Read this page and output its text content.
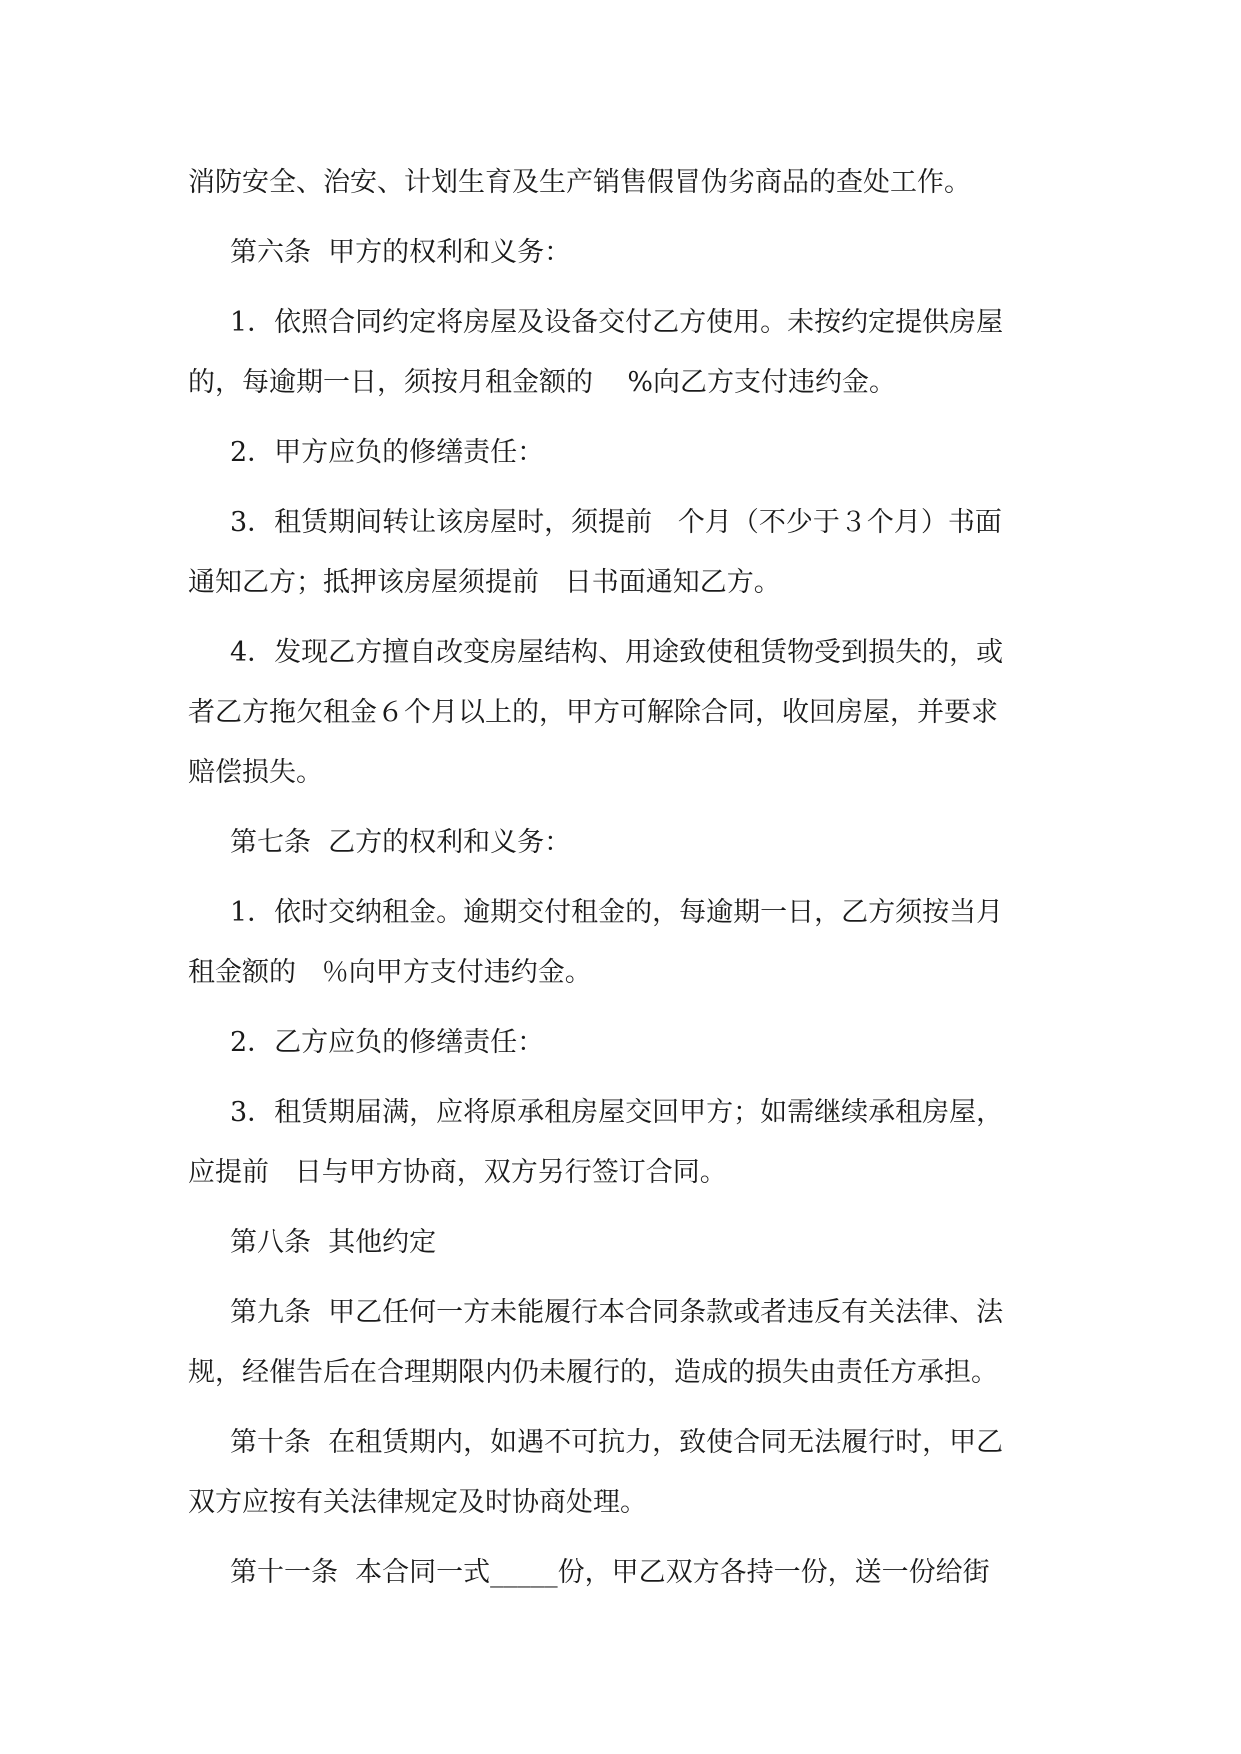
消防安全、治安、计划生育及生产销售假冒伪劣商品的查处工作。

第六条  甲方的权利和义务：

1．依照合同约定将房屋及设备交付乙方使用。未按约定提供房屋

的，每逾期一日，须按月租金额的    %向乙方支付违约金。

2．甲方应负的修缮责任：

3．租赁期间转让该房屋时，须提前   个月（不少于３个月）书面

通知乙方；抵押该房屋须提前   日书面通知乙方。

4．发现乙方擅自改变房屋结构、用途致使租赁物受到损失的，或

者乙方拖欠租金６个月以上的，甲方可解除合同，收回房屋，并要求

赔偿损失。

第七条  乙方的权利和义务：

1．依时交纳租金。逾期交付租金的，每逾期一日，乙方须按当月

租金额的   ％向甲方支付违约金。

2．乙方应负的修缮责任：

3．租赁期届满，应将原承租房屋交回甲方；如需继续承租房屋，

应提前   日与甲方协商，双方另行签订合同。

第八条  其他约定

第九条  甲乙任何一方未能履行本合同条款或者违反有关法律、法

规，经催告后在合理期限内仍未履行的，造成的损失由责任方承担。

第十条  在租赁期内，如遇不可抗力，致使合同无法履行时，甲乙

双方应按有关法律规定及时协商处理。

第十一条  本合同一式_____份，甲乙双方各持一份，送一份给街
